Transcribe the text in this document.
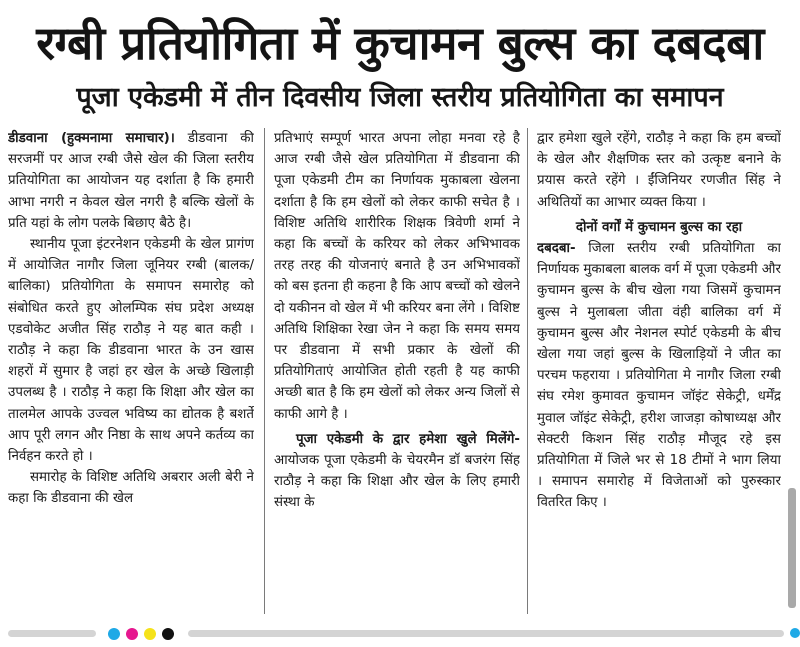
रग्बी प्रतियोगिता में कुचामन बुल्स का दबदबा
पूजा एकेडमी में तीन दिवसीय जिला स्तरीय प्रतियोगिता का समापन

डीडवाना (हुक्मनामा समाचार)। डीडवाना की सरजमीं पर आज रग्बी जैसे खेल की जिला स्तरीय प्रतियोगिता का आयोजन यह दर्शाता है कि हमारी आभा नगरी न केवल खेल नगरी है बल्कि खेलों के प्रति यहां के लोग पलके बिछाए बैठे है।

स्थानीय पूजा इंटरनेशन एकेडमी के खेल प्रागंण में आयोजित नागौर जिला जूनियर रग्बी (बालक/बालिका) प्रतियोगिता के समापन समारोह को संबोधित करते हुए ओलम्पिक संघ प्रदेश अध्यक्ष एडवोकेट अजीत सिंह राठौड़ ने यह बात कही । राठौड़ ने कहा कि डीडवाना भारत के उन खास शहरों में सुमार है जहां हर खेल के अच्छे खिलाड़ी उपलब्ध है । राठौड़ ने कहा कि शिक्षा और खेल का तालमेल आपके उज्वल भविष्य का द्योतक है बशर्ते आप पूरी लगन और निष्ठा के साथ अपने कर्तव्य का निर्वहन करते हो ।

समारोह के विशिष्ट अतिथि अबरार अली बेरी ने कहा कि डीडवाना की खेल

प्रतिभाएं सम्पूर्ण भारत अपना लोहा मनवा रहे है आज रग्बी जैसे खेल प्रतियोगिता में डीडवाना की पूजा एकेडमी टीम का निर्णायक मुकाबला खेलना दर्शाता है कि हम खेलों को लेकर काफी सचेत है । विशिष्ट अतिथि शारीरिक शिक्षक त्रिवेणी शर्मा ने कहा कि बच्चों के करियर को लेकर अभिभावक तरह तरह की योजनाएं बनाते है उन अभिभावकों को बस इतना ही कहना है कि आप बच्चों को खेलने दो यकीनन वो खेल में भी करियर बना लेंगे । विशिष्ट अतिथि शिक्षिका रेखा जेन ने कहा कि समय समय पर डीडवाना में सभी प्रकार के खेलों की प्रतियोगिताएं आयोजित होती रहती है यह काफी अच्छी बात है कि हम खेलों को लेकर अन्य जिलों से काफी आगे है ।

पूजा एकेडमी के द्वार हमेशा खुले मिलेंगे- आयोजक पूजा एकेडमी के चेयरमैन डॉ बजरंग सिंह राठौड़ ने कहा कि शिक्षा और खेल के लिए हमारी संस्था के

द्वार हमेशा खुले रहेंगे, राठौड़ ने कहा कि हम बच्चों के खेल और शैक्षणिक स्तर को उत्कृष्ट बनाने के प्रयास करते रहेंगे । ईंजिनियर रणजीत सिंह ने अथितियों का आभार व्यक्त किया ।

दोनों वर्गों में कुचामन बुल्स का रहा

दबदबा- जिला स्तरीय रग्बी प्रतियोगिता का निर्णायक मुकाबला बालक वर्ग में पूजा एकेडमी और कुचामन बुल्स के बीच खेला गया जिसमें कुचामन बुल्स ने मुलाबला जीता वंही बालिका वर्ग में कुचामन बुल्स और नेशनल स्पोर्ट एकेडमी के बीच खेला गया जहां बुल्स के खिलाड़ियों ने जीत का परचम फहराया । प्रतियोगिता मे नागौर जिला रग्बी संघ रमेश कुमावत कुचामन जॉइंट सेकेट्री, धर्मेंद्र मुवाल जॉइंट सेकेट्री, हरीश जाजड़ा कोषाध्यक्ष और सेक्टरी किशन सिंह राठौड़ मौजूद रहे इस प्रतियोगिता में जिले भर से 18 टीमों ने भाग लिया । समापन समारोह में विजेताओं को पुरुस्कार वितरित किए ।
